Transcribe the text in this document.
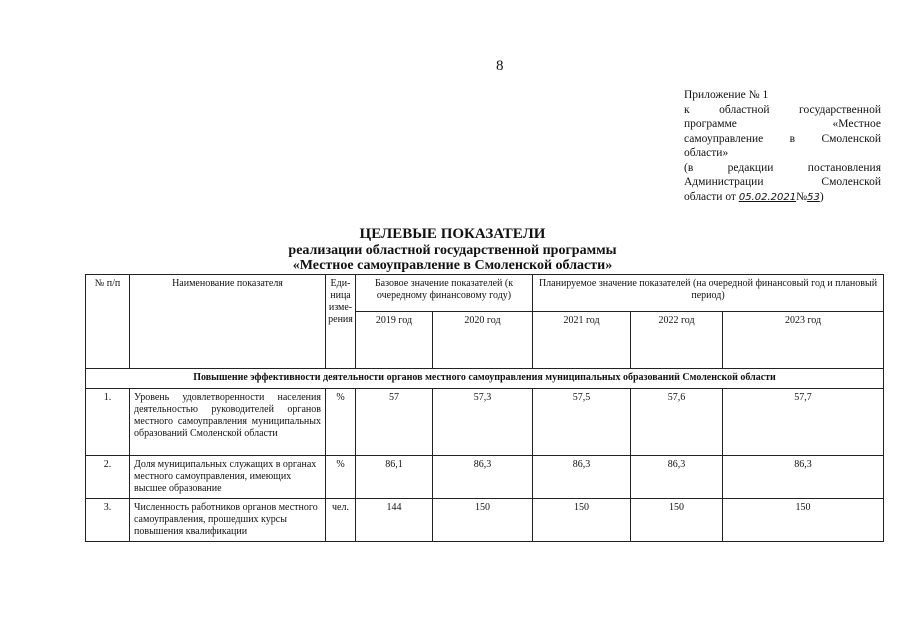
8
Приложение № 1
к областной государственной
программе «Местное
самоуправление в Смоленской
области»
(в редакции постановления
Администрации Смоленской
области от 05.02.2021№53)
ЦЕЛЕВЫЕ ПОКАЗАТЕЛИ
реализации областной государственной программы
«Местное самоуправление в Смоленской области»
№ п/п	Наименование показателя	Еди-ница изме-рения	Базовое значение показателей (к очередному финансовому году)		Планируемое значение показателей (на очередной финансовый год и плановый период)		
			2019 год	2020 год	2021 год	2022 год	2023 год
Повышение эффективности деятельности органов местного самоуправления муниципальных образований Смоленской области							
1.	Уровень удовлетворенности населения деятельностью руководителей органов местного самоуправления муниципальных образований Смоленской области	%	57	57,3	57,5	57,6	57,7
2.	Доля муниципальных служащих в органах местного самоуправления, имеющих высшее образование	%	86,1	86,3	86,3	86,3	86,3
3.	Численность работников органов местного самоуправления, прошедших курсы повышения квалификации	чел.	144	150	150	150	150
